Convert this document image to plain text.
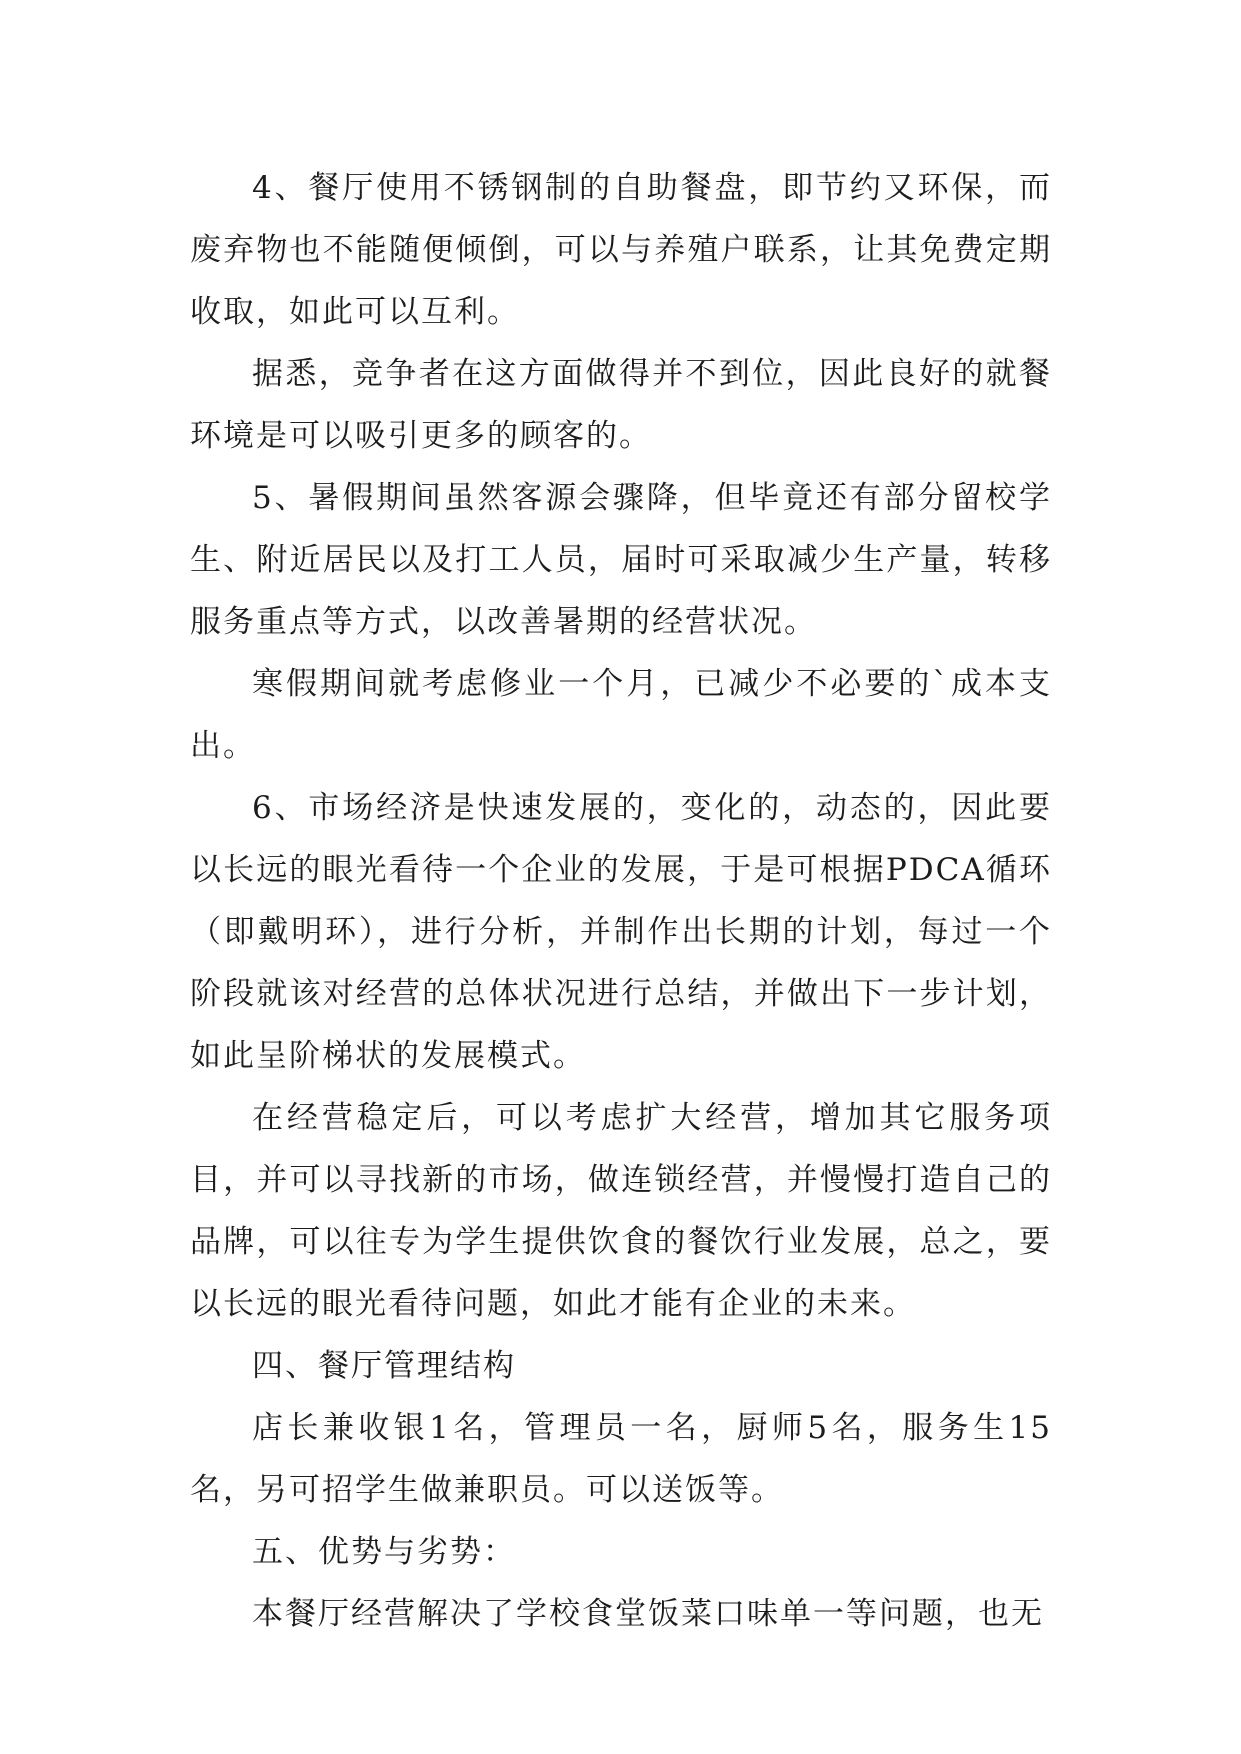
4、餐厅使用不锈钢制的自助餐盘，即节约又环保，而废弃物也不能随便倾倒，可以与养殖户联系，让其免费定期收取，如此可以互利。

据悉，竞争者在这方面做得并不到位，因此良好的就餐环境是可以吸引更多的顾客的。

5、暑假期间虽然客源会骤降，但毕竟还有部分留校学生、附近居民以及打工人员，届时可采取减少生产量，转移服务重点等方式，以改善暑期的经营状况。

寒假期间就考虑修业一个月，已减少不必要的`成本支出。

6、市场经济是快速发展的，变化的，动态的，因此要以长远的眼光看待一个企业的发展，于是可根据PDCA循环（即戴明环），进行分析，并制作出长期的计划，每过一个阶段就该对经营的总体状况进行总结，并做出下一步计划，如此呈阶梯状的发展模式。

在经营稳定后，可以考虑扩大经营，增加其它服务项目，并可以寻找新的市场，做连锁经营，并慢慢打造自己的品牌，可以往专为学生提供饮食的餐饮行业发展，总之，要以长远的眼光看待问题，如此才能有企业的未来。

四、餐厅管理结构

店长兼收银1名，管理员一名，厨师5名，服务生15名，另可招学生做兼职员。可以送饭等。

五、优势与劣势：

本餐厅经营解决了学校食堂饭菜口味单一等问题，也无
